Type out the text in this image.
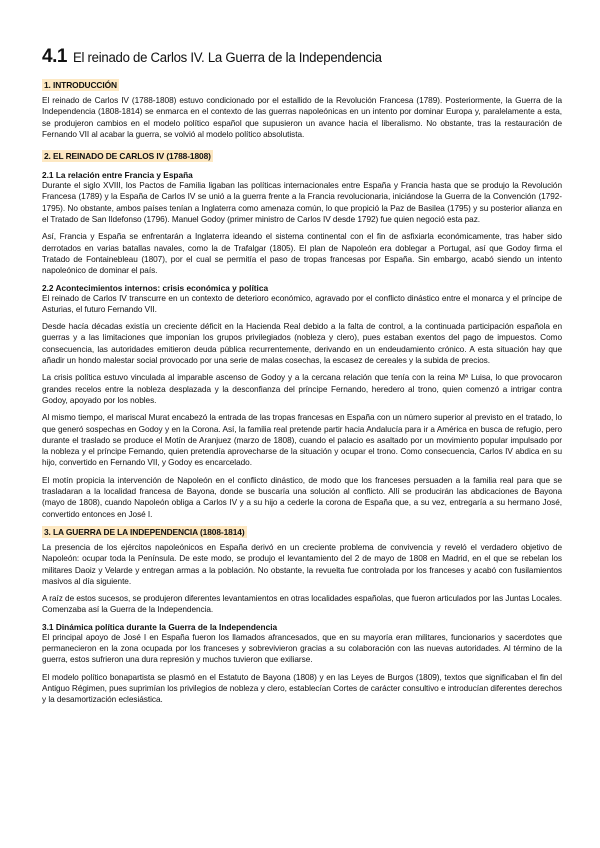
4.1 El reinado de Carlos IV. La Guerra de la Independencia
1. INTRODUCCIÓN

El reinado de Carlos IV (1788-1808) estuvo condicionado por el estallido de la Revolución Francesa (1789). Posteriormente, la Guerra de la Independencia (1808-1814) se enmarca en el contexto de las guerras napoleónicas en un intento por dominar Europa y, paralelamente a esta, se produjeron cambios en el modelo político español que supusieron un avance hacia el liberalismo. No obstante, tras la restauración de Fernando VII al acabar la guerra, se volvió al modelo político absolutista.

2. EL REINADO DE CARLOS IV (1788-1808)
2.1 La relación entre Francia y España

Durante el siglo XVIII, los Pactos de Familia ligaban las políticas internacionales entre España y Francia hasta que se produjo la Revolución Francesa (1789) y la España de Carlos IV se unió a la guerra frente a la Francia revolucionaria, iniciándose la Guerra de la Convención (1792-1795). No obstante, ambos países tenían a Inglaterra como amenaza común, lo que propició la Paz de Basilea (1795) y su posterior alianza en el Tratado de San Ildefonso (1796). Manuel Godoy (primer ministro de Carlos IV desde 1792) fue quien negoció esta paz.

Así, Francia y España se enfrentarán a Inglaterra ideando el sistema continental con el fin de asfixiarla económicamente, tras haber sido derrotados en varias batallas navales, como la de Trafalgar (1805). El plan de Napoleón era doblegar a Portugal, así que Godoy firma el Tratado de Fontainebleau (1807), por el cual se permitía el paso de tropas francesas por España. Sin embargo, acabó siendo un intento napoleónico de dominar el país.

2.2 Acontecimientos internos: crisis económica y política

El reinado de Carlos IV transcurre en un contexto de deterioro económico, agravado por el conflicto dinástico entre el monarca y el príncipe de Asturias, el futuro Fernando VII.

Desde hacía décadas existía un creciente déficit en la Hacienda Real debido a la falta de control, a la continuada participación española en guerras y a las limitaciones que imponían los grupos privilegiados (nobleza y clero), pues estaban exentos del pago de impuestos. Como consecuencia, las autoridades emitieron deuda pública recurrentemente, derivando en un endeudamiento crónico. A esta situación hay que añadir un hondo malestar social provocado por una serie de malas cosechas, la escasez de cereales y la subida de precios.

La crisis política estuvo vinculada al imparable ascenso de Godoy y a la cercana relación que tenía con la reina Mª Luisa, lo que provocaron grandes recelos entre la nobleza desplazada y la desconfianza del príncipe Fernando, heredero al trono, quien comenzó a intrigar contra Godoy, apoyado por los nobles.

Al mismo tiempo, el mariscal Murat encabezó la entrada de las tropas francesas en España con un número superior al previsto en el tratado, lo que generó sospechas en Godoy y en la Corona. Así, la familia real pretende partir hacia Andalucía para ir a América en busca de refugio, pero durante el traslado se produce el Motín de Aranjuez (marzo de 1808), cuando el palacio es asaltado por un movimiento popular impulsado por la nobleza y el príncipe Fernando, quien pretendía aprovecharse de la situación y ocupar el trono. Como consecuencia, Carlos IV abdica en su hijo, convertido en Fernando VII, y Godoy es encarcelado.

El motín propicia la intervención de Napoleón en el conflicto dinástico, de modo que los franceses persuaden a la familia real para que se trasladaran a la localidad francesa de Bayona, donde se buscaría una solución al conflicto. Allí se producirán las abdicaciones de Bayona (mayo de 1808), cuando Napoleón obliga a Carlos IV y a su hijo a cederle la corona de España que, a su vez, entregaría a su hermano José, convertido entonces en José I.

3. LA GUERRA DE LA INDEPENDENCIA (1808-1814)

La presencia de los ejércitos napoleónicos en España derivó en un creciente problema de convivencia y reveló el verdadero objetivo de Napoleón: ocupar toda la Península. De este modo, se produjo el levantamiento del 2 de mayo de 1808 en Madrid, en el que se rebelan los militares Daoiz y Velarde y entregan armas a la población. No obstante, la revuelta fue controlada por los franceses y acabó con fusilamientos masivos al día siguiente.

A raíz de estos sucesos, se produjeron diferentes levantamientos en otras localidades españolas, que fueron articulados por las Juntas Locales. Comenzaba así la Guerra de la Independencia.

3.1 Dinámica política durante la Guerra de la Independencia

El principal apoyo de José I en España fueron los llamados afrancesados, que en su mayoría eran militares, funcionarios y sacerdotes que permanecieron en la zona ocupada por los franceses y sobrevivieron gracias a su colaboración con las nuevas autoridades. Al término de la guerra, estos sufrieron una dura represión y muchos tuvieron que exiliarse.

El modelo político bonapartista se plasmó en el Estatuto de Bayona (1808) y en las Leyes de Burgos (1809), textos que significaban el fin del Antiguo Régimen, pues suprimían los privilegios de nobleza y clero, establecían Cortes de carácter consultivo e introducían diferentes derechos y la desamortización eclesiástica.
